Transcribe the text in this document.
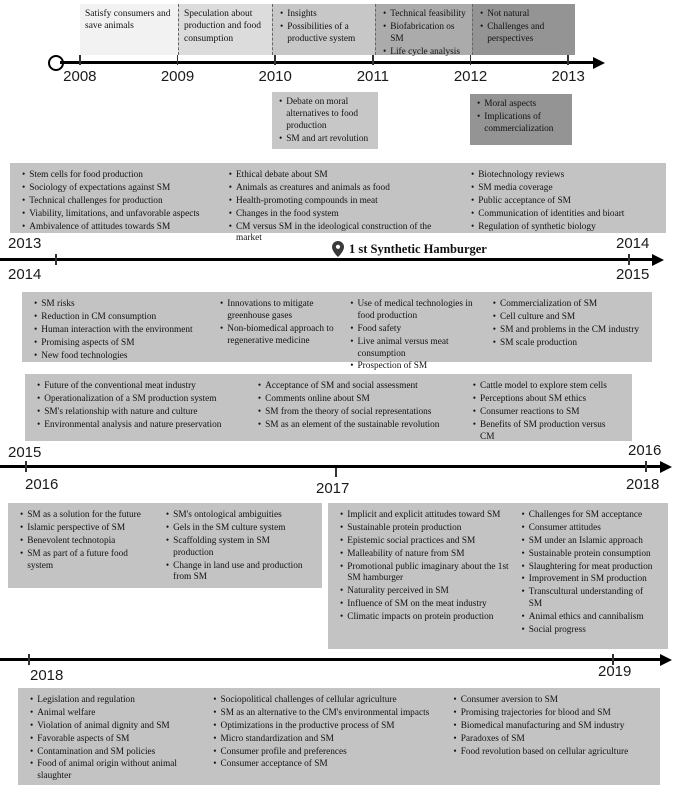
Satisfy consumers and save animals

Speculation about production and food consumption

• Insights
• Possibilities of a productive system
• Technical feasibility
• Biofabrication os SM
• Life cycle analysis
• Not natural
• Challenges and perspectives
2008	2009	2010	2011	2012	2013
• Debate on moral alternatives to food production
• SM and art revolution
• Moral aspects
• Implications of commercialization
• Stem cells for food production
• Sociology of expectations against SM
• Technical challenges for production
• Viability, limitations, and unfavorable aspects
• Ambivalence of attitudes towards SM
• Ethical debate about SM
• Animals as creatures and animals as food
• Health-promoting compounds in meat
• Changes in the food system
• CM versus SM in the ideological construction of the market
• Biotechnology reviews
• SM media coverage
• Public acceptance of SM
• Communication of identities and bioart
• Regulation of synthetic biology
2013	2014
1 st Synthetic Hamburger
2014	2015
• SM risks
• Reduction in CM consumption
• Human interaction with the environment
• Promising aspects of SM
• New food technologies
• Innovations to mitigate greenhouse gases
• Non-biomedical approach to regenerative medicine
• Use of medical technologies in food production
• Food safety
• Live animal versus meat consumption
• Prospection of SM
• Commercialization of SM
• Cell culture and SM
• SM and problems in the CM industry
• SM scale production
• Future of the conventional meat industry
• Operationalization of a SM production system
• SM's relationship with nature and culture
• Environmental analysis and nature preservation
• Acceptance of SM and social assessment
• Comments online about SM
• SM from the theory of social representations
• SM as an element of the sustainable revolution
• Cattle model to explore stem cells
• Perceptions about SM ethics
• Consumer reactions to SM
• Benefits of SM production versus CM
2015	2016
2016	2017	2018
• SM as a solution for the future
• Islamic perspective of SM
• Benevolent technotopia
• SM as part of a future food system
• SM's ontological ambiguities
• Gels in the SM culture system
• Scaffolding system in SM production
• Change in land use and production from SM
• Implicit and explicit attitudes toward SM
• Sustainable protein production
• Epistemic social practices and SM
• Malleability of nature from SM
• Promotional public imaginary about the 1st SM hamburger
• Naturality perceived in SM
• Influence of SM on the meat industry
• Climatic impacts on protein production
• Challenges for SM acceptance
• Consumer attitudes
• SM under an Islamic approach
• Sustainable protein consumption
• Slaughtering for meat production
• Improvement in SM production
• Transcultural understanding of SM
• Animal ethics and cannibalism
• Social progress
2018	2019
• Legislation and regulation
• Animal welfare
• Violation of animal dignity and SM
• Favorable aspects of SM
• Contamination and SM policies
• Food of animal origin without animal slaughter
• Sociopolitical challenges of cellular agriculture
• SM as an alternative to the CM's environmental impacts
• Optimizations in the productive process of SM
• Micro standardization and SM
• Consumer profile and preferences
• Consumer acceptance of SM
• Consumer aversion to SM
• Promising trajectories for blood and SM
• Biomedical manufacturing and SM industry
• Paradoxes of SM
• Food revolution based on cellular agriculture
